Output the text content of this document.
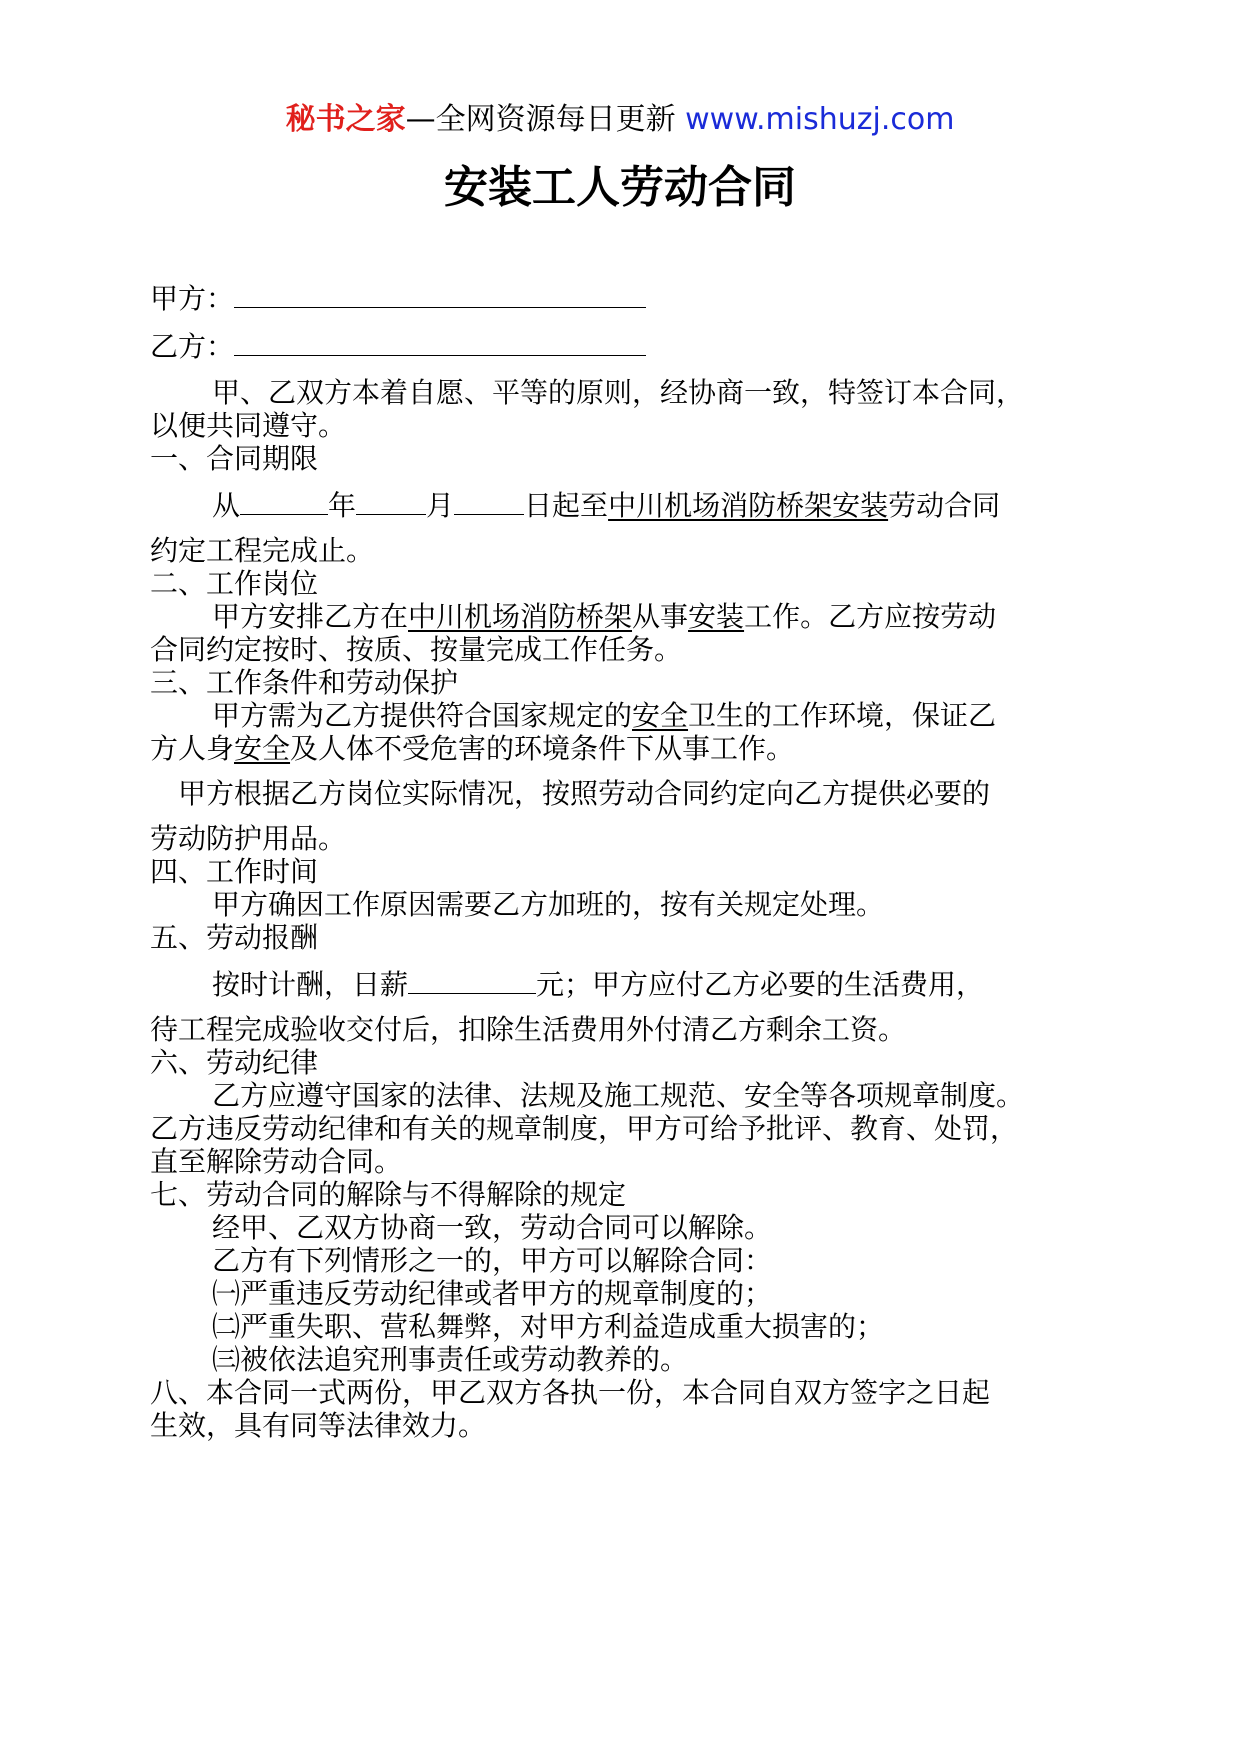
秘书之家—全网资源每日更新 www.mishuzj.com
安装工人劳动合同
甲方：
乙方：
甲、乙双方本着自愿、平等的原则，经协商一致，特签订本合同，
以便共同遵守。
一、合同期限
从	年	月	日起至中川机场消防桥架安装劳动合同
约定工程完成止。
二、工作岗位
甲方安排乙方在中川机场消防桥架从事安装工作。乙方应按劳动
合同约定按时、按质、按量完成工作任务。
三、工作条件和劳动保护
甲方需为乙方提供符合国家规定的安全卫生的工作环境，保证乙
方人身安全及人体不受危害的环境条件下从事工作。
甲方根据乙方岗位实际情况，按照劳动合同约定向乙方提供必要的
劳动防护用品。
四、工作时间
甲方确因工作原因需要乙方加班的，按有关规定处理。
五、劳动报酬
按时计酬，日薪	元；甲方应付乙方必要的生活费用，
待工程完成验收交付后，扣除生活费用外付清乙方剩余工资。
六、劳动纪律
乙方应遵守国家的法律、法规及施工规范、安全等各项规章制度。
乙方违反劳动纪律和有关的规章制度，甲方可给予批评、教育、处罚，
直至解除劳动合同。
七、劳动合同的解除与不得解除的规定
经甲、乙双方协商一致，劳动合同可以解除。
乙方有下列情形之一的，甲方可以解除合同：
㈠严重违反劳动纪律或者甲方的规章制度的；
㈡严重失职、营私舞弊，对甲方利益造成重大损害的；
㈢被依法追究刑事责任或劳动教养的。
八、本合同一式两份，甲乙双方各执一份，本合同自双方签字之日起
生效，具有同等法律效力。
